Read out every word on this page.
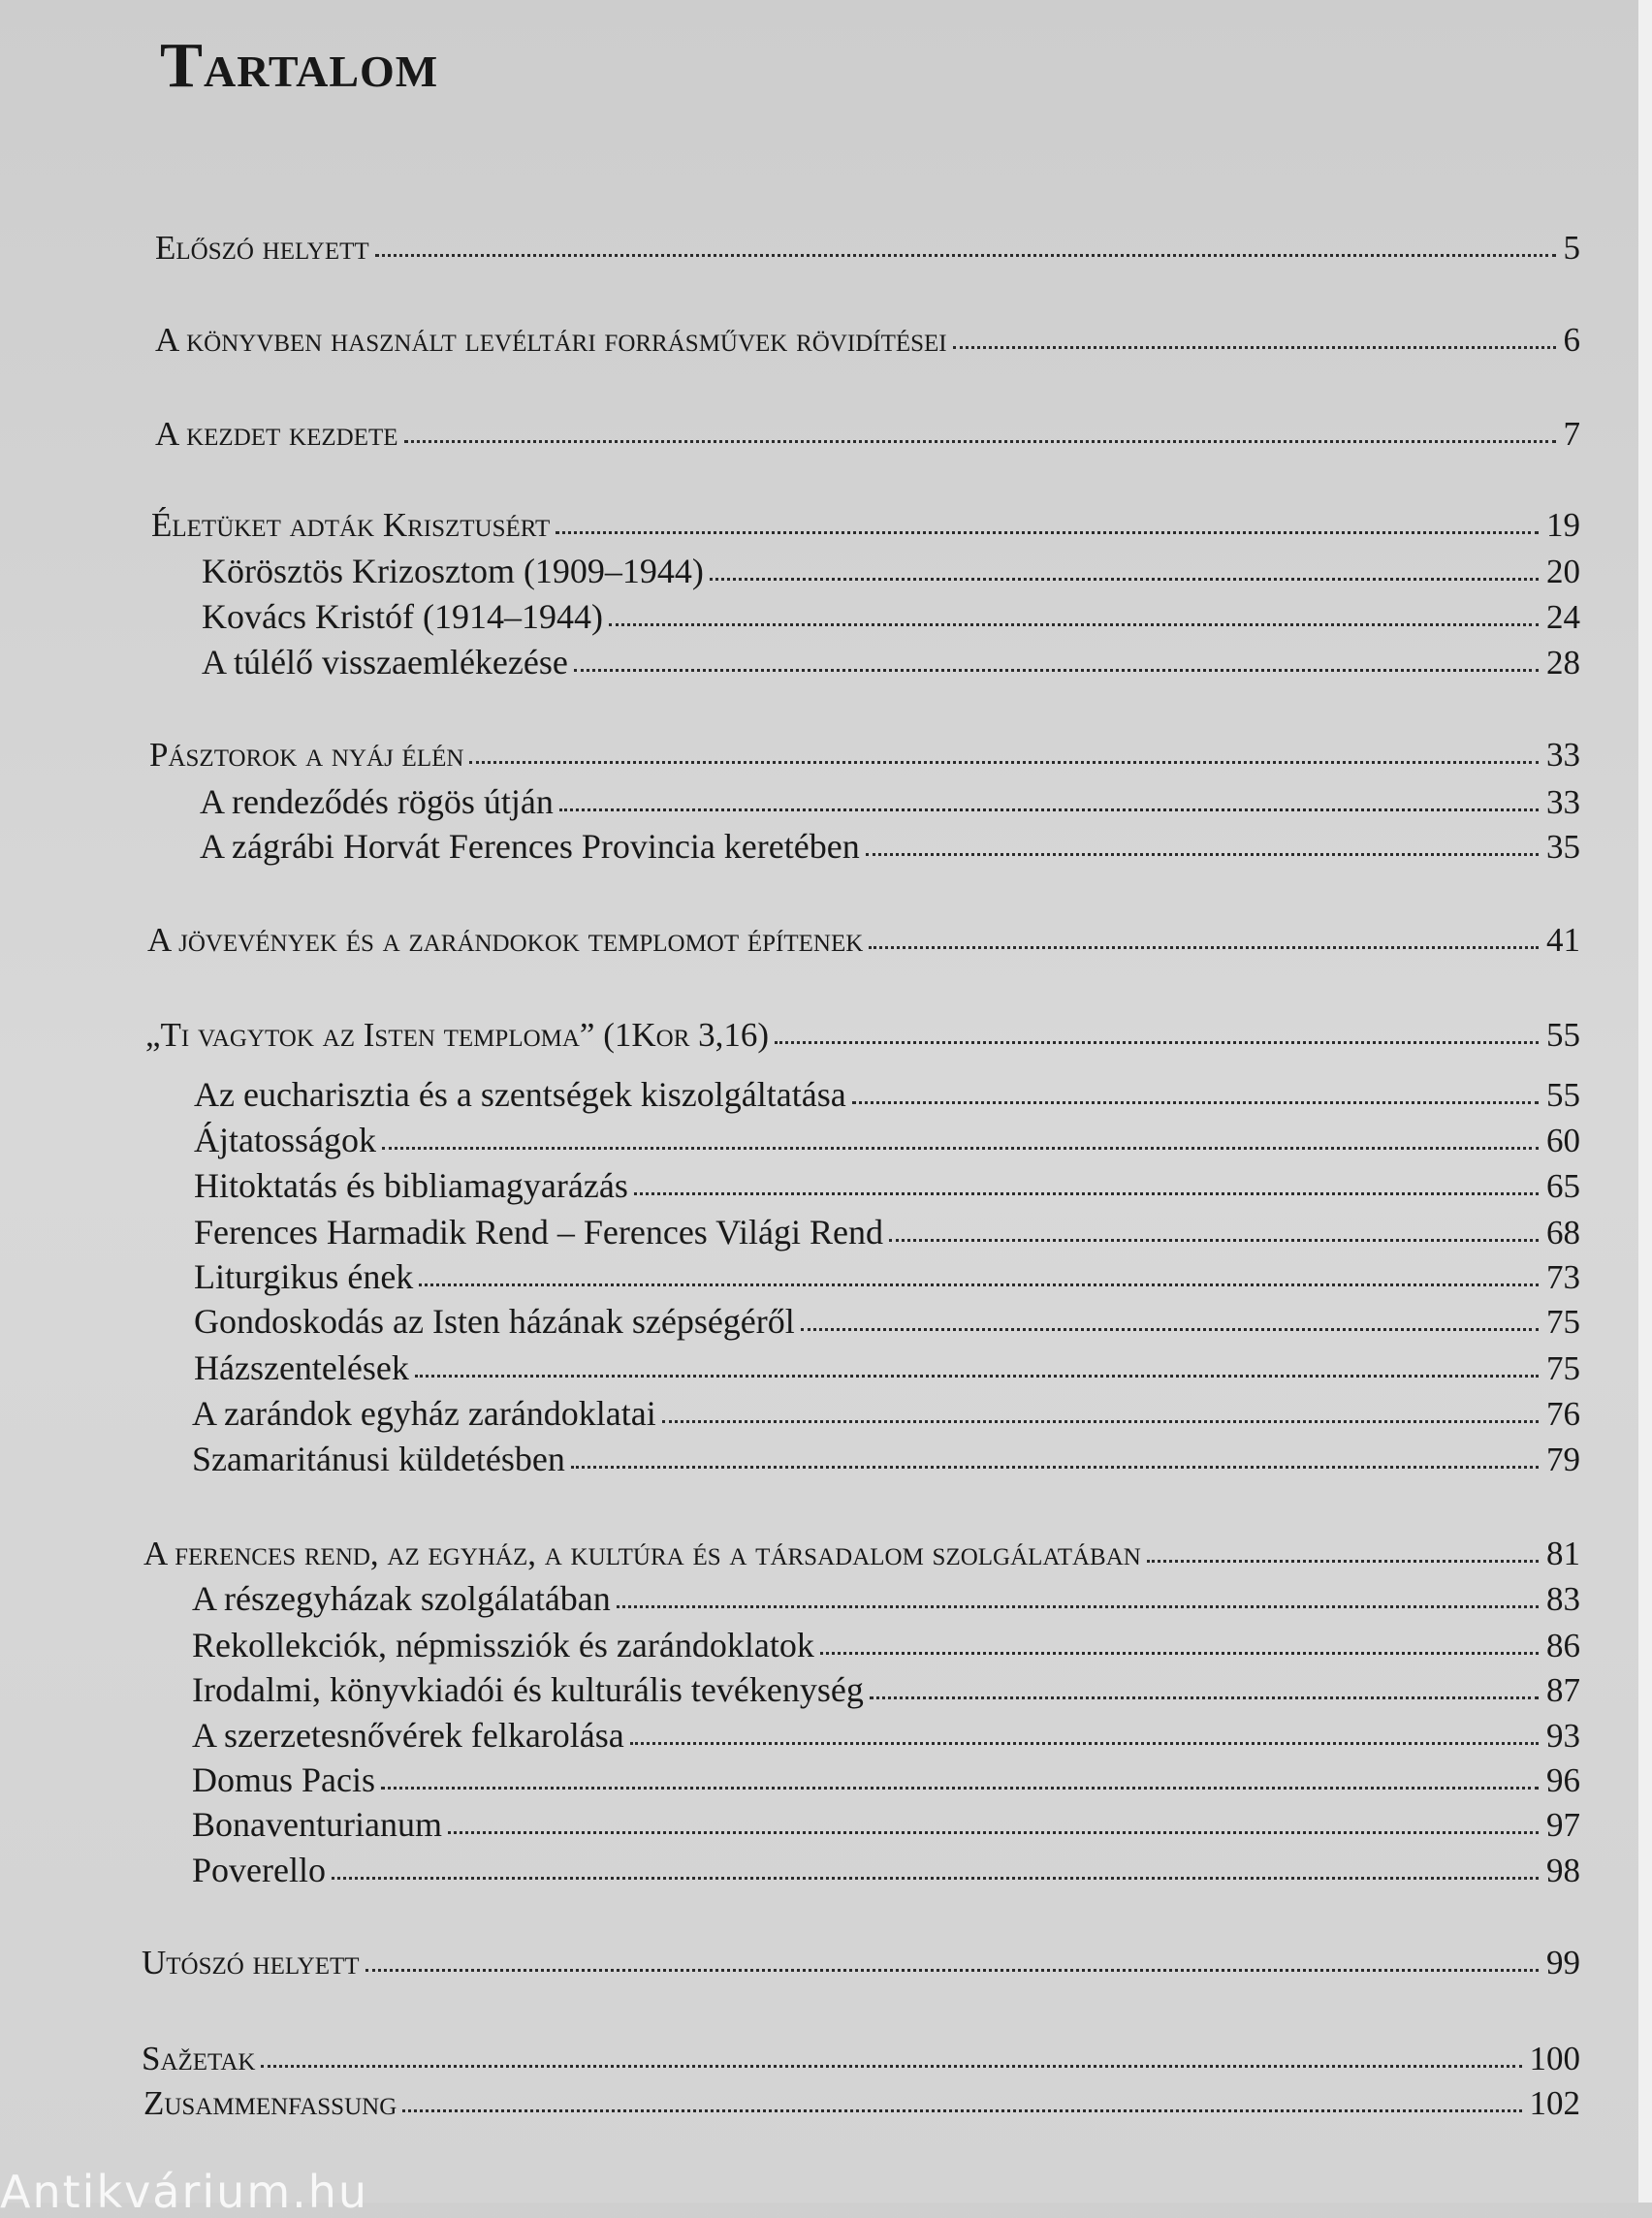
Tartalom
Előszó helyett	5
A könyvben használt levéltári forrásművek rövidítései	6
A kezdet kezdete	7
Életüket adták Krisztusért	19
Körösztös Krizosztom (1909–1944)	20
Kovács Kristóf (1914–1944)	24
A túlélő visszaemlékezése	28
Pásztorok a nyáj élén	33
A rendeződés rögös útján	33
A zágrábi Horvát Ferences Provincia keretében	35
A jövevények és a zarándokok templomot építenek	41
„Ti vagytok az Isten temploma” (1Kor 3,16)	55
Az eucharisztia és a szentségek kiszolgáltatása	55
Ájtatosságok	60
Hitoktatás és bibliamagyarázás	65
Ferences Harmadik Rend – Ferences Világi Rend	68
Liturgikus ének	73
Gondoskodás az Isten házának szépségéről	75
Házszentelések	75
A zarándok egyház zarándoklatai	76
Szamaritánusi küldetésben	79
A ferences rend, az egyház, a kultúra és a társadalom szolgálatában	81
A részegyházak szolgálatában	83
Rekollekciók, népmissziók és zarándoklatok	86
Irodalmi, könyvkiadói és kulturális tevékenység	87
A szerzetesnővérek felkarolása	93
Domus Pacis	96
Bonaventurianum	97
Poverello	98
Utószó helyett	99
Sažetak	100
Zusammenfassung	102
Antikvárium.hu
